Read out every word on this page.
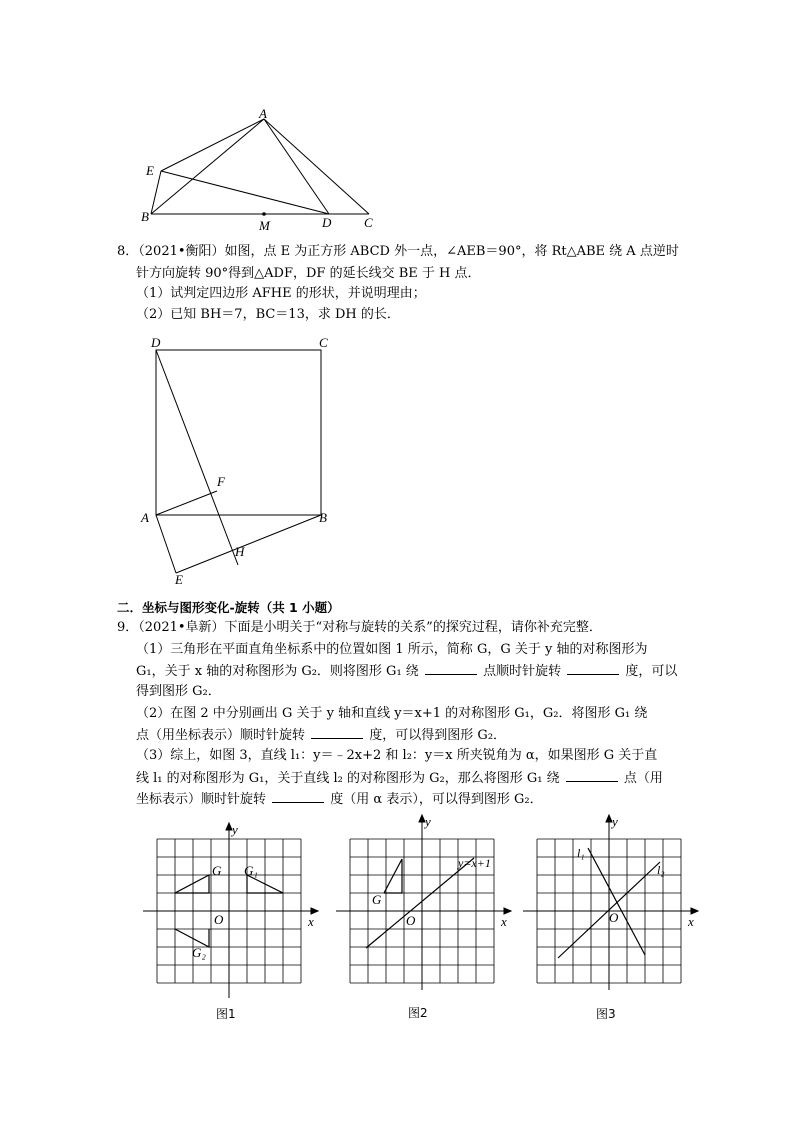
A
E
B
M	D	C
8．（2021•衡阳）如图，点 E 为正方形 ABCD 外一点，∠AEB＝90°，将 Rt△ABE 绕 A 点逆时
针方向旋转 90°得到△ADF，DF 的延长线交 BE 于 H 点．
（1）试判定四边形 AFHE 的形状，并说明理由；
（2）已知 BH＝7，BC＝13，求 DH 的长．
D	C
F
A	B
H
E
二．坐标与图形变化-旋转（共 1 小题）
9．（2021•阜新）下面是小明关于“对称与旋转的关系”的探究过程，请你补充完整．
（1）三角形在平面直角坐标系中的位置如图 1 所示，简称 G，G 关于 y 轴的对称图形为
G₁，关于 x 轴的对称图形为 G₂．则将图形 G₁ 绕	点顺时针旋转	度，可以
得到图形 G₂．
（2）在图 2 中分别画出 G 关于 y 轴和直线 y＝x+1 的对称图形 G₁，G₂．将图形 G₁ 绕
点（用坐标表示）顺时针旋转	度，可以得到图形 G₂．
（3）综上，如图 3，直线 l₁：y＝﹣2x+2 和 l₂：y＝x 所夹锐角为 α，如果图形 G 关于直
线 l₁ 的对称图形为 G₁，关于直线 l₂ 的对称图形为 G₂，那么将图形 G₁ 绕	点（用
坐标表示）顺时针旋转	度（用 α 表示），可以得到图形 G₂．
y
x
O
G G₁
G₂
图1
y
x
O
G
y=x+1
图2
y
x
O
l₁
l₂
图3
